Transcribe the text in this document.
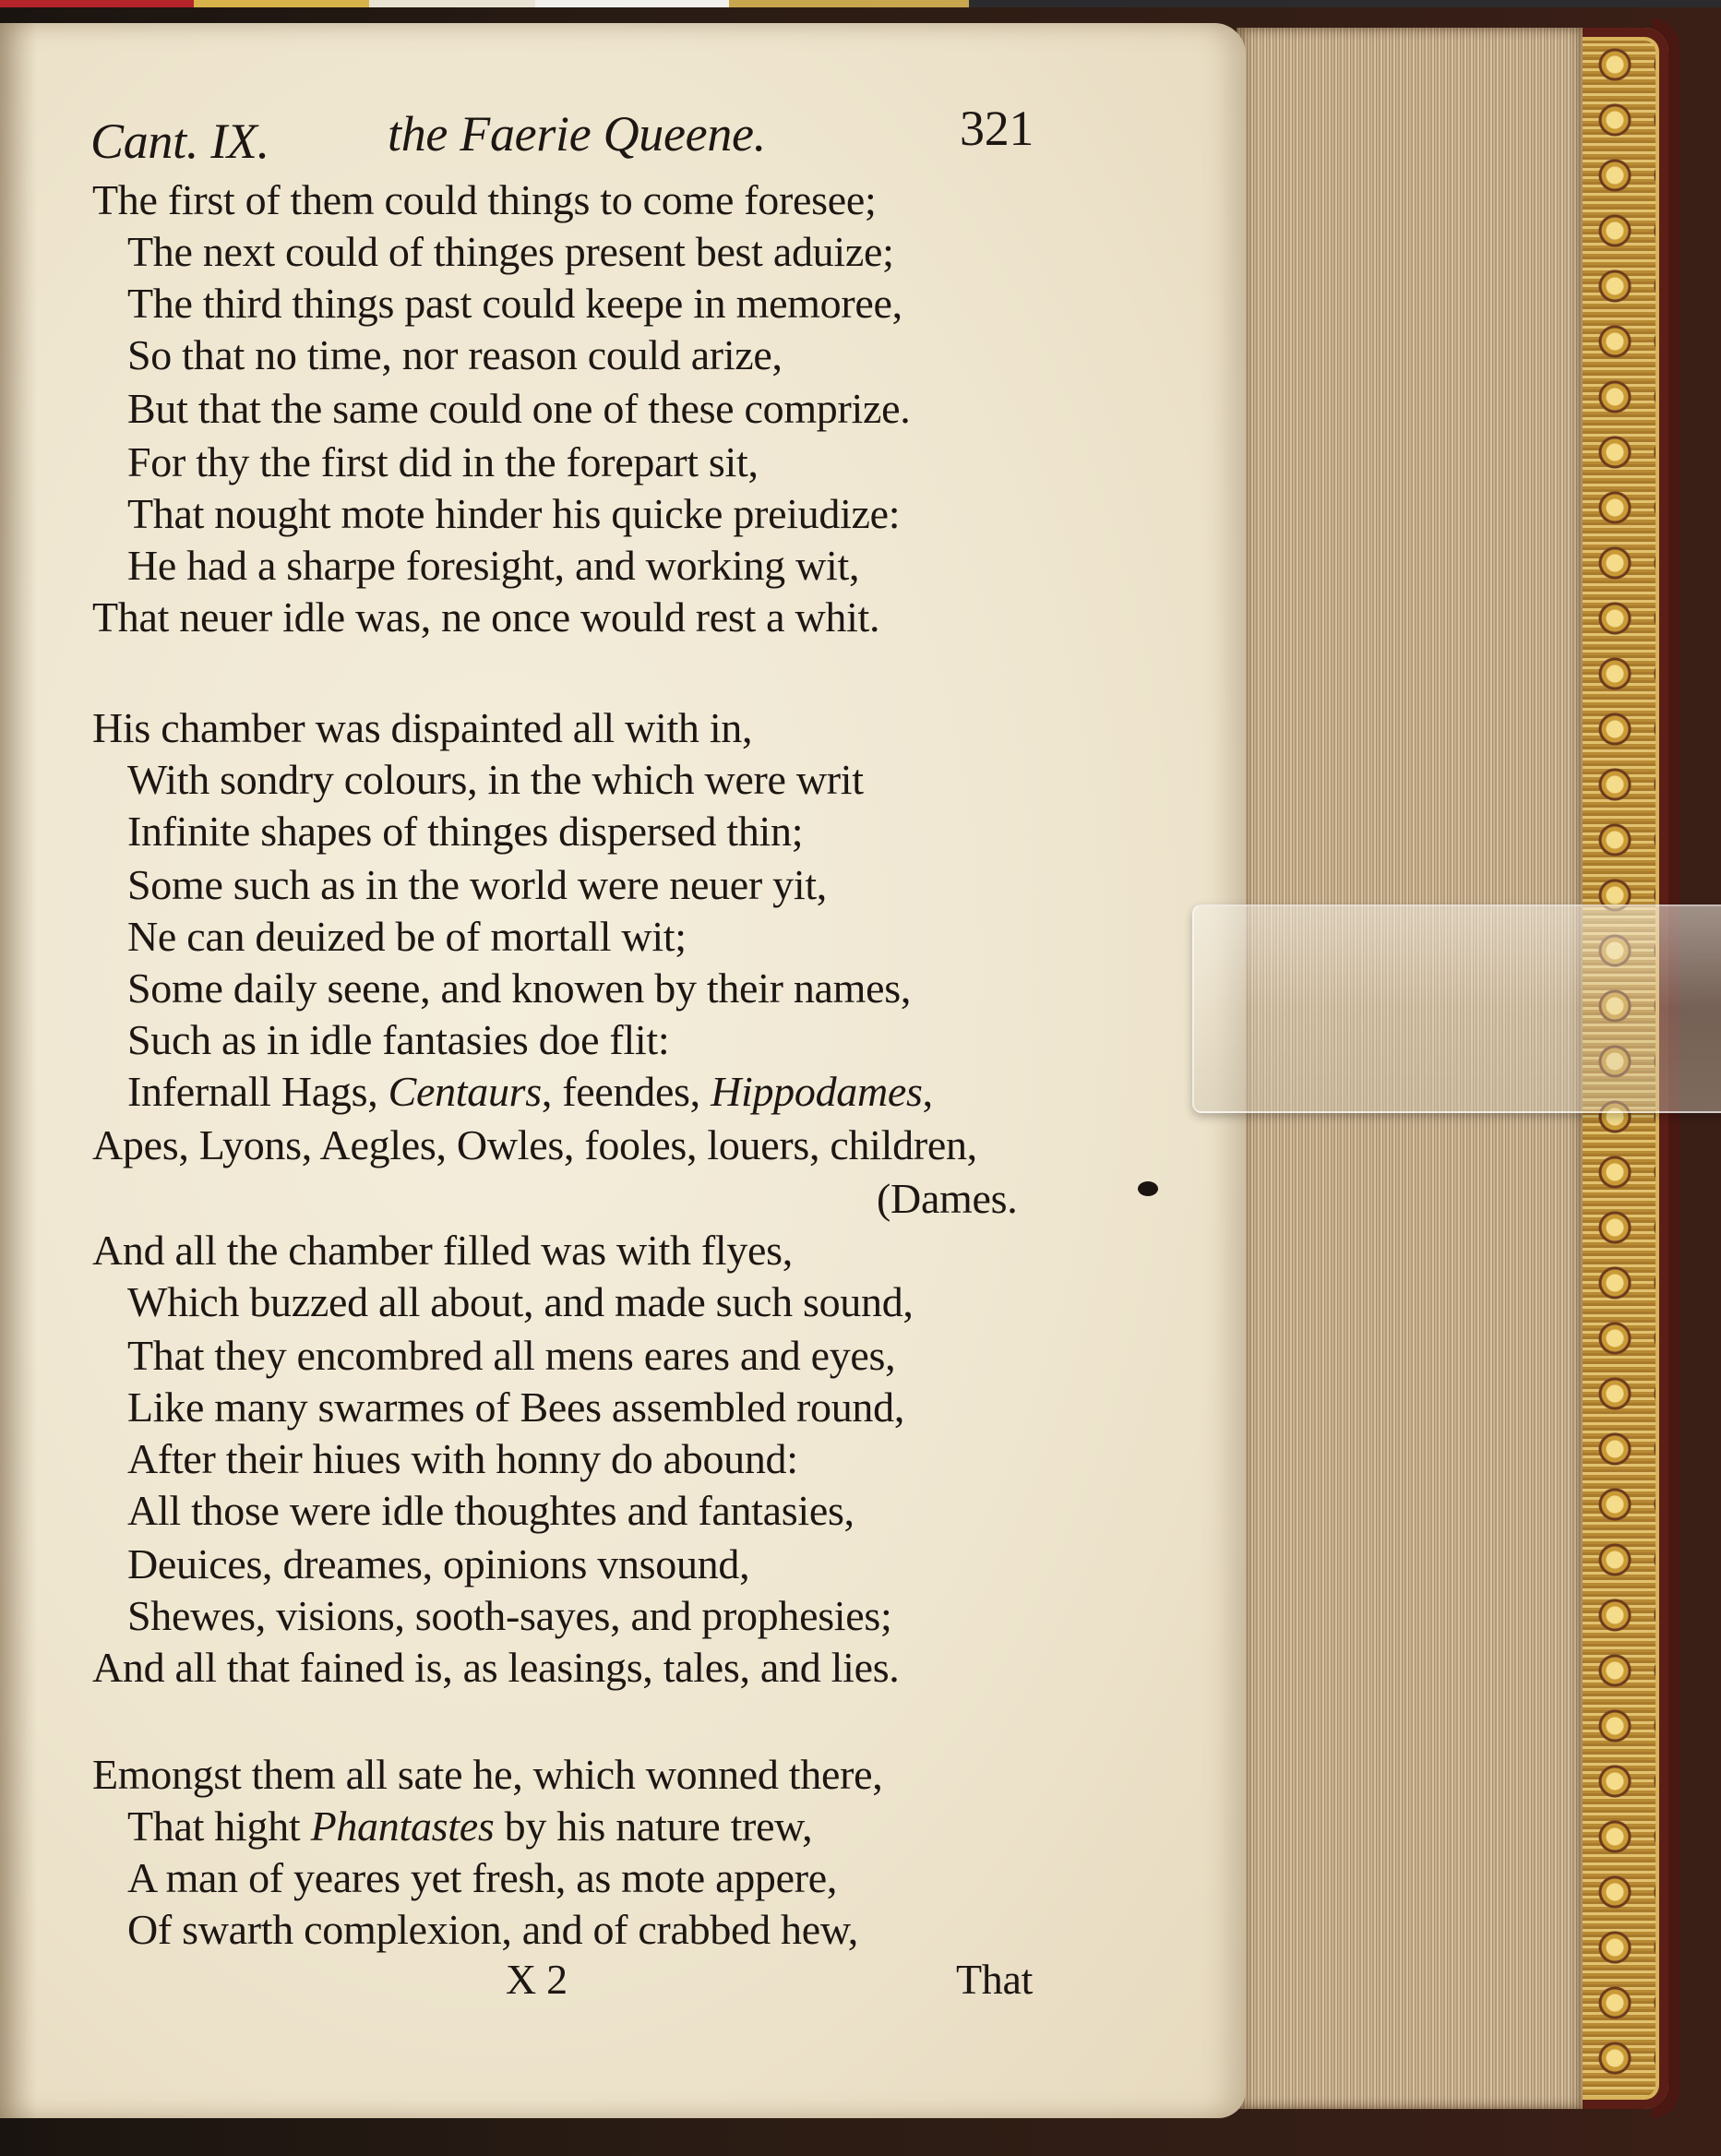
Cant. IX. the Faerie Queene.	321
The first of them could things to come foresee;
The next could of thinges present best aduize;
The third things past could keepe in memoree,
So that no time, nor reason could arize,
But that the same could one of these comprize.
For thy the first did in the forepart sit,
That nought mote hinder his quicke preiudize:
He had a sharpe foresight, and working wit,
That neuer idle was, ne once would rest a whit.
His chamber was dispainted all with in,
With sondry colours, in the which were writ
Infinite shapes of thinges dispersed thin;
Some such as in the world were neuer yit,
Ne can deuized be of mortall wit;
Some daily seene, and knowen by their names,
Such as in idle fantasies doe flit:
Infernall Hags, Centaurs, feendes, Hippodames,
Apes, Lyons, Aegles, Owles, fooles, louers, children,
(Dames.
And all the chamber filled was with flyes,
Which buzzed all about, and made such sound,
That they encombred all mens eares and eyes,
Like many swarmes of Bees assembled round,
After their hiues with honny do abound:
All those were idle thoughtes and fantasies,
Deuices, dreames, opinions vnsound,
Shewes, visions, sooth-sayes, and prophesies;
And all that fained is, as leasings, tales, and lies.
Emongst them all sate he, which wonned there,
That hight Phantastes by his nature trew,
A man of yeares yet fresh, as mote appere,
Of swarth complexion, and of crabbed hew,
X 2	That
